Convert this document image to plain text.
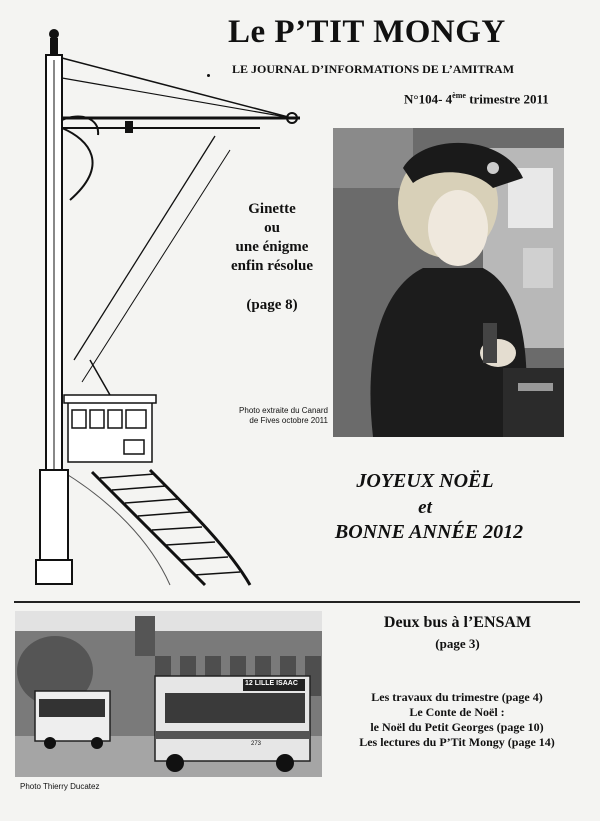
Le P’TIT MONGY
LE JOURNAL D’INFORMATIONS DE L’AMITRAM
N°104- 4ème trimestre 2011
Ginette
ou
une énigme
enfin résolue
(page 8)
Photo extraite du Canard
de Fives octobre 2011
JOYEUX NOËL
et
BONNE ANNÉE 2012
12 LILLE ISAAC
273
Photo Thierry Ducatez
Deux bus à l’ENSAM
(page 3)
Les travaux du trimestre (page 4)
Le Conte de Noël :
le Noël du Petit Georges (page 10)
Les lectures du P’Tit Mongy (page 14)
